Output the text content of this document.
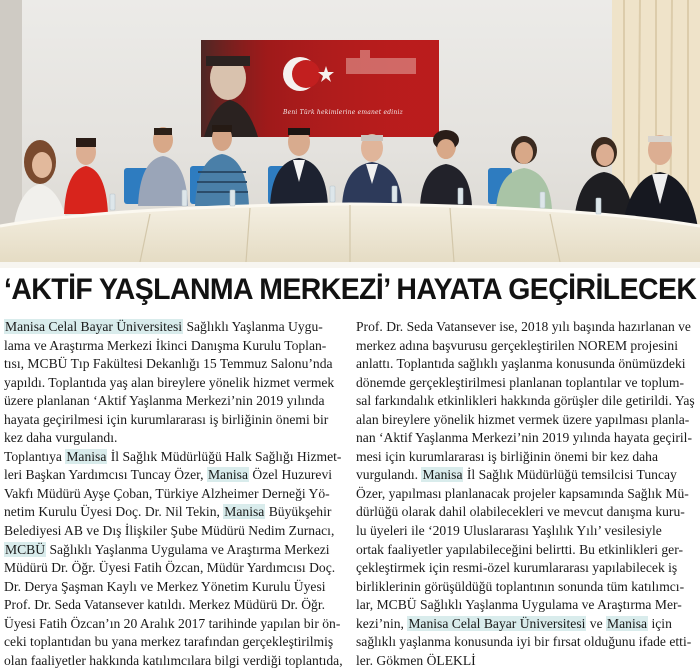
Beni Türk hekimlerine emanet ediniz
‘AKTİF YAŞLANMA MERKEZİ’ HAYATA GEÇİRİLECEK
Manisa Celal Bayar Üniversitesi Sağlıklı Yaşlanma Uygu-
lama ve Araştırma Merkezi İkinci Danışma Kurulu Toplan-
tısı, MCBÜ Tıp Fakültesi Dekanlığı 15 Temmuz Salonu’nda
yapıldı. Toplantıda yaş alan bireylere yönelik hizmet vermek
üzere planlanan ‘Aktif Yaşlanma Merkezi’nin 2019 yılında
hayata geçirilmesi için kurumlararası iş birliğinin önemi bir
kez daha vurgulandı.
Toplantıya Manisa İl Sağlık Müdürlüğü Halk Sağlığı Hizmet-
leri Başkan Yardımcısı Tuncay Özer, Manisa Özel Huzurevi
Vakfı Müdürü Ayşe Çoban, Türkiye Alzheimer Derneği Yö-
netim Kurulu Üyesi Doç. Dr. Nil Tekin, Manisa Büyükşehir
Belediyesi AB ve Dış İlişkiler Şube Müdürü Nedim Zurnacı,
MCBÜ Sağlıklı Yaşlanma Uygulama ve Araştırma Merkezi
Müdürü Dr. Öğr. Üyesi Fatih Özcan, Müdür Yardımcısı Doç.
Dr. Derya Şaşman Kaylı ve Merkez Yönetim Kurulu Üyesi
Prof. Dr. Seda Vatansever katıldı. Merkez Müdürü Dr. Öğr.
Üyesi Fatih Özcan’ın 20 Aralık 2017 tarihinde yapılan bir ön-
ceki toplantıdan bu yana merkez tarafından gerçekleştirilmiş
olan faaliyetler hakkında katılımcılara bilgi verdiği toplantıda,
Prof. Dr. Seda Vatansever ise, 2018 yılı başında hazırlanan ve
merkez adına başvurusu gerçekleştirilen NOREM projesini
anlattı. Toplantıda sağlıklı yaşlanma konusunda önümüzdeki
dönemde gerçekleştirilmesi planlanan toplantılar ve toplum-
sal farkındalık etkinlikleri hakkında görüşler dile getirildi. Yaş
alan bireylere yönelik hizmet vermek üzere yapılması planla-
nan ‘Aktif Yaşlanma Merkezi’nin 2019 yılında hayata geçiril-
mesi için kurumlararası iş birliğinin önemi bir kez daha
vurgulandı. Manisa İl Sağlık Müdürlüğü temsilcisi Tuncay
Özer, yapılması planlanacak projeler kapsamında Sağlık Mü-
dürlüğü olarak dahil olabilecekleri ve mevcut danışma kuru-
lu üyeleri ile ‘2019 Uluslararası Yaşlılık Yılı’ vesilesiyle
ortak faaliyetler yapılabileceğini belirtti. Bu etkinlikleri ger-
çekleştirmek için resmi-özel kurumlararası yapılabilecek iş
birliklerinin görüşüldüğü toplantının sonunda tüm katılımcı-
lar, MCBÜ Sağlıklı Yaşlanma Uygulama ve Araştırma Mer-
kezi’nin, Manisa Celal Bayar Üniversitesi ve Manisa için
sağlıklı yaşlanma konusunda iyi bir fırsat olduğunu ifade etti-
ler. Gökmen ÖLEKLİ
